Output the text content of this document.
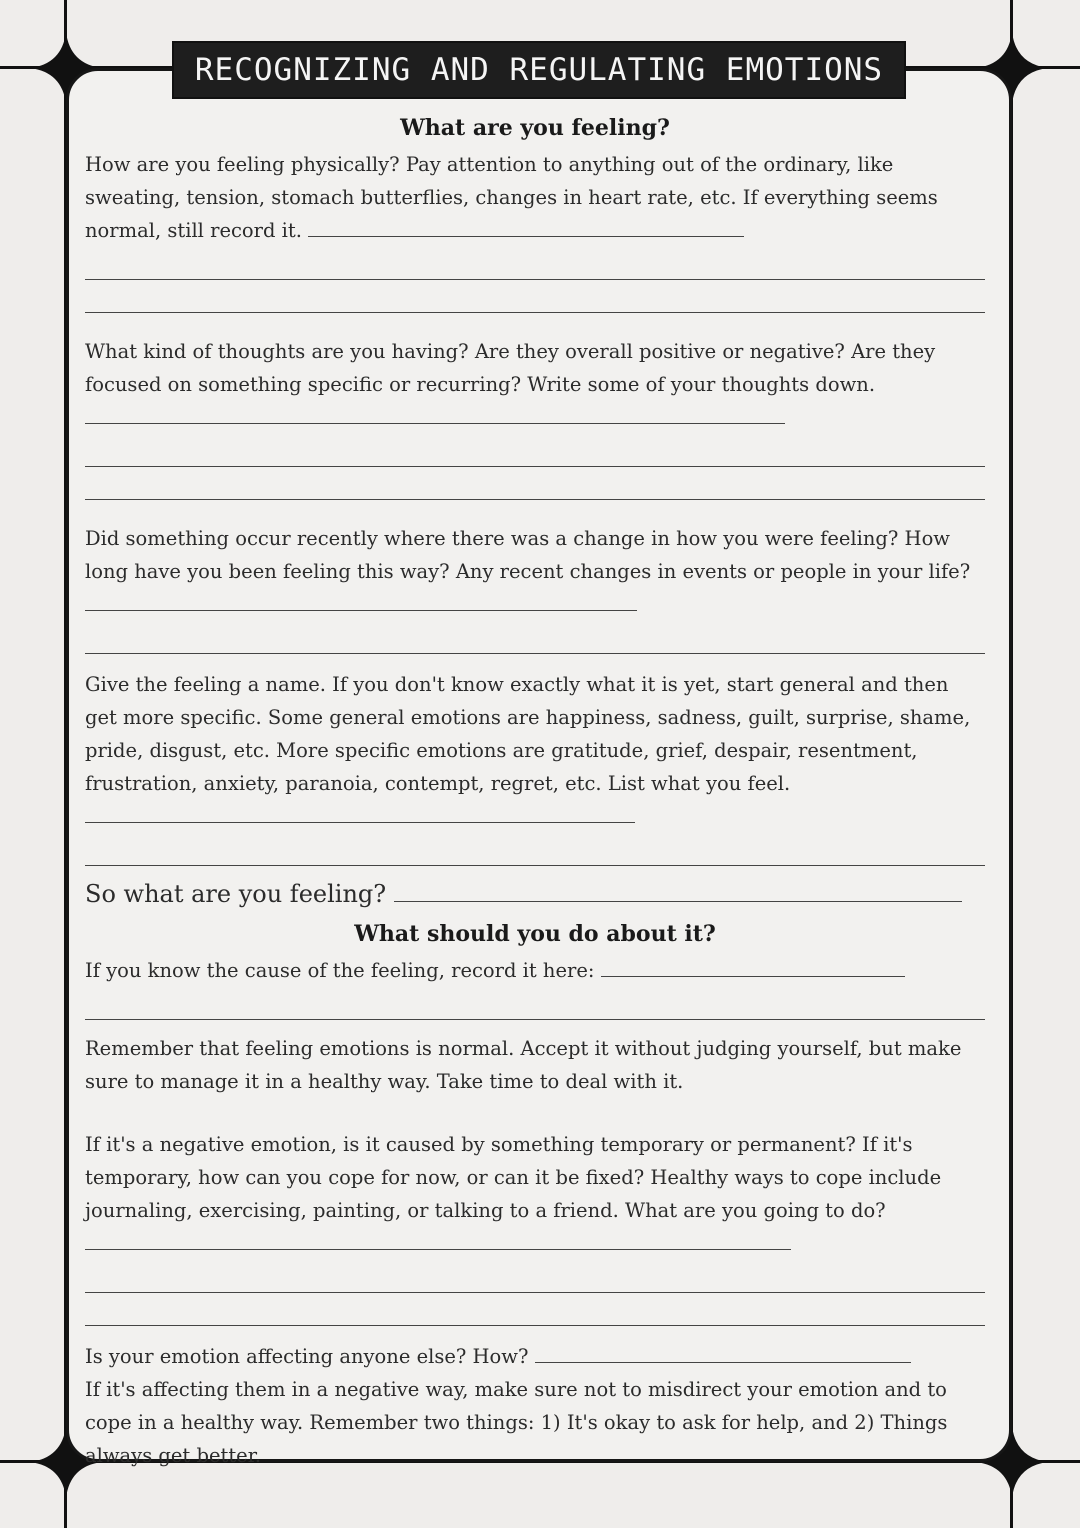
RECOGNIZING AND REGULATING EMOTIONS
What are you feeling?

How are you feeling physically? Pay attention to anything out of the ordinary, like sweating, tension, stomach butterflies, changes in heart rate, etc. If everything seems normal, still record it.

What kind of thoughts are you having? Are they overall positive or negative? Are they focused on something specific or recurring? Write some of your thoughts down.

Did something occur recently where there was a change in how you were feeling? How long have you been feeling this way? Any recent changes in events or people in your life?

Give the feeling a name. If you don't know exactly what it is yet, start general and then get more specific. Some general emotions are happiness, sadness, guilt, surprise, shame, pride, disgust, etc. More specific emotions are gratitude, grief, despair, resentment, frustration, anxiety, paranoia, contempt, regret, etc. List what you feel.

So what are you feeling?

What should you do about it?

If you know the cause of the feeling, record it here:

Remember that feeling emotions is normal. Accept it without judging yourself, but make sure to manage it in a healthy way. Take time to deal with it.

If it's a negative emotion, is it caused by something temporary or permanent? If it's temporary, how can you cope for now, or can it be fixed? Healthy ways to cope include journaling, exercising, painting, or talking to a friend. What are you going to do?

Is your emotion affecting anyone else? How?

If it's affecting them in a negative way, make sure not to misdirect your emotion and to cope in a healthy way. Remember two things: 1) It's okay to ask for help, and 2) Things always get better.
